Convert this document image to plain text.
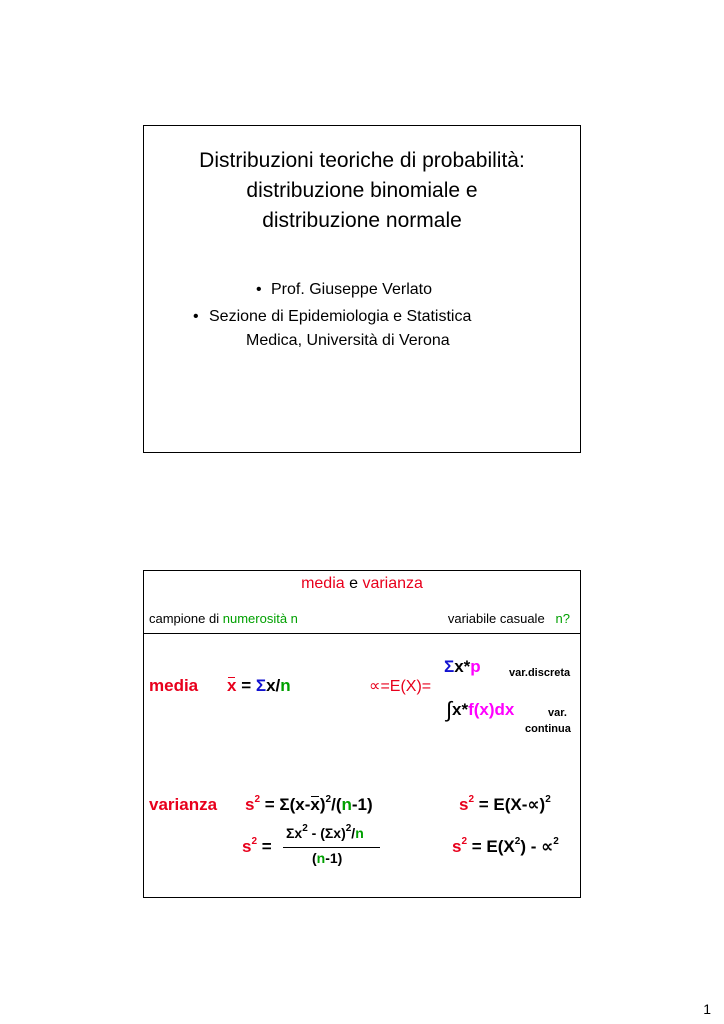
Distribuzioni teoriche di probabilità:
distribuzione binomiale e
distribuzione normale
• Prof. Giuseppe Verlato
• Sezione di Epidemiologia e Statistica
Medica, Università di Verona
media e varianza
campione di numerosità n	variabile casuale n?
media x = Σx/n	∝=E(X)=
Σx*p	var.discreta
∫x*f(x)dx	var.
continua
varianza $s^2 = \Sigma(x-x)^2/(n-1)$	$s^2 = E(X-\propto)^2$
$s^2$ =
$\Sigma x^2 - (\Sigma x)^2/n$
(n-1)
$s^2 = E(X^2) - \propto^2$
1
